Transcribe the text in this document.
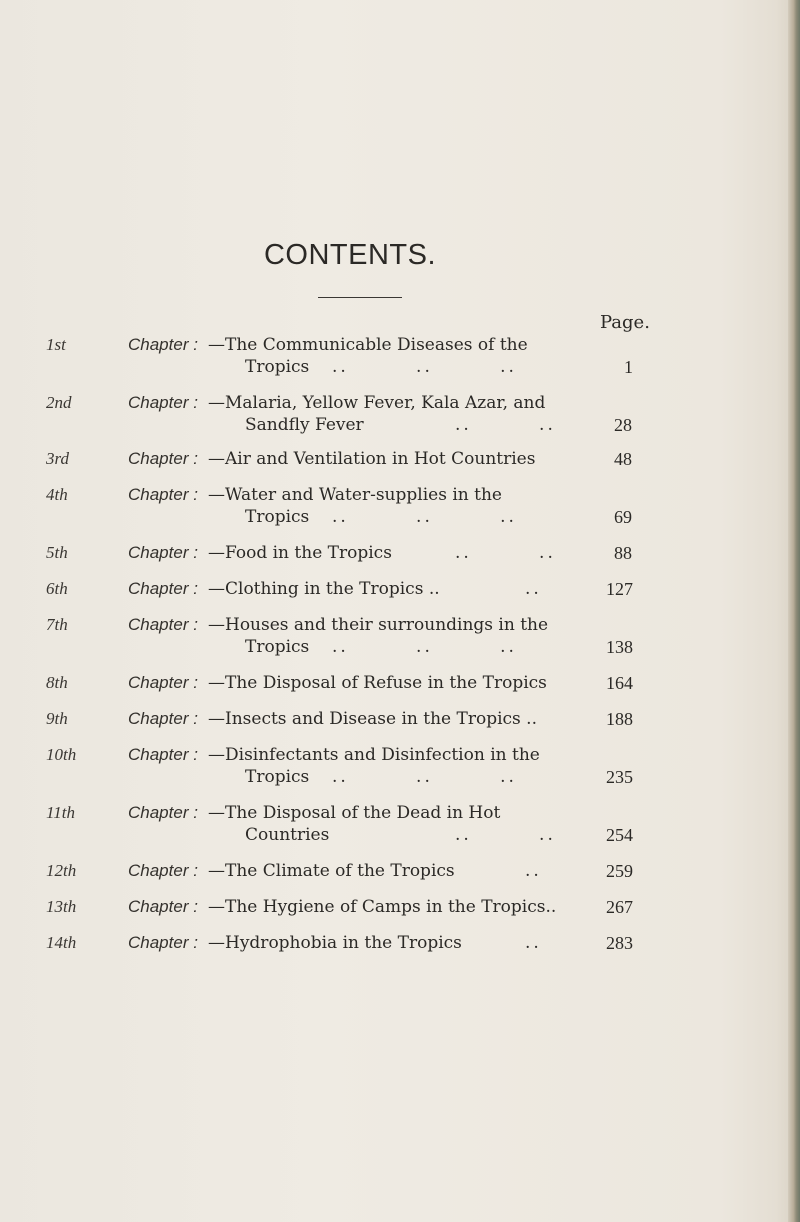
CONTENTS.
Page.
1st	Chapter : —The Communicable Diseases of the
Tropics ..        ..        ..	1
2nd	Chapter : —Malaria, Yellow Fever, Kala Azar, and
Sandfly Fever	..        ..	28
3rd	Chapter : —Air and Ventilation in Hot Countries	48
4th	Chapter : —Water and Water-supplies in the
Tropics ..        ..        ..	69
5th	Chapter : —Food in the Tropics	..        ..	88
6th	Chapter : —Clothing in the Tropics ..	..	127
7th	Chapter : —Houses and their surroundings in the
Tropics ..        ..        ..	138
8th	Chapter : —The Disposal of Refuse in the Tropics	164
9th	Chapter : —Insects and Disease in the Tropics ..	188
10th	Chapter : —Disinfectants and Disinfection in the
Tropics ..        ..        ..	235
11th	Chapter : —The Disposal of the Dead in Hot
Countries	..        ..	254
12th	Chapter : —The Climate of the Tropics	..	259
13th	Chapter : —The Hygiene of Camps in the Tropics..	267
14th	Chapter : —Hydrophobia in the Tropics	..	283
